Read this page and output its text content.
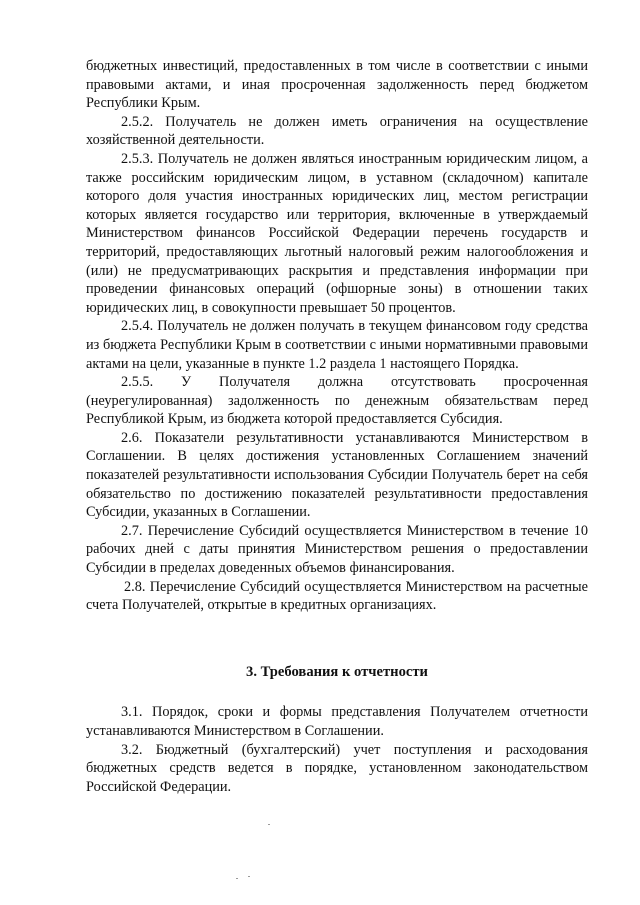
бюджетных инвестиций, предоставленных в том числе в соответствии с иными правовыми актами, и иная просроченная задолженность перед бюджетом Республики Крым.

2.5.2. Получатель не должен иметь ограничения на осуществление хозяйственной деятельности.

2.5.3. Получатель не должен являться иностранным юридическим лицом, а также российским юридическим лицом, в уставном (складочном) капитале которого доля участия иностранных юридических лиц, местом регистрации которых является государство или территория, включенные в утверждаемый Министерством финансов Российской Федерации перечень государств и территорий, предоставляющих льготный налоговый режим налогообложения и (или) не предусматривающих раскрытия и представления информации при проведении финансовых операций (офшорные зоны) в отношении таких юридических лиц, в совокупности превышает 50 процентов.

2.5.4. Получатель не должен получать в текущем финансовом году средства из бюджета Республики Крым в соответствии с иными нормативными правовыми актами на цели, указанные в пункте 1.2 раздела 1 настоящего Порядка.

2.5.5. У Получателя должна отсутствовать просроченная (неурегулированная) задолженность по денежным обязательствам перед Республикой Крым, из бюджета которой предоставляется Субсидия.

2.6. Показатели результативности устанавливаются Министерством в Соглашении. В целях достижения установленных Соглашением значений показателей результативности использования Субсидии Получатель берет на себя обязательство по достижению показателей результативности предоставления Субсидии, указанных в Соглашении.

2.7. Перечисление Субсидий осуществляется Министерством в течение 10 рабочих дней с даты принятия Министерством решения о предоставлении Субсидии в пределах доведенных объемов финансирования.

2.8. Перечисление Субсидий осуществляется Министерством на расчетные счета Получателей, открытые в кредитных организациях.

3. Требования к отчетности

3.1. Порядок, сроки и формы представления Получателем отчетности устанавливаются Министерством в Соглашении.

3.2. Бюджетный (бухгалтерский) учет поступления и расходования бюджетных средств ведется в порядке, установленном законодательством Российской Федерации.
